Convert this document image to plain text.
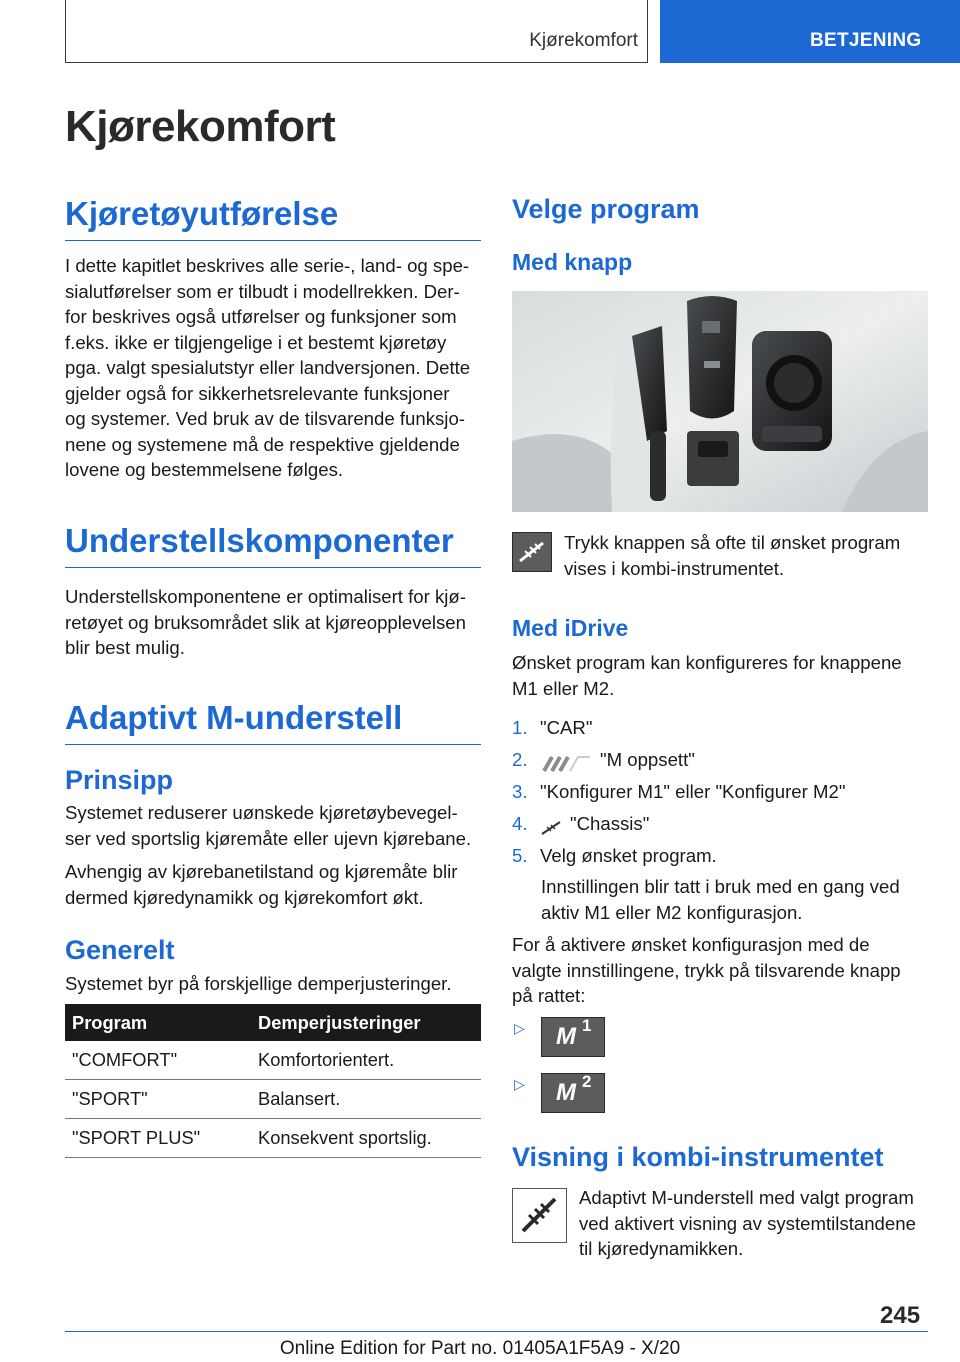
Kjørekomfort	BETJENING
Kjørekomfort
Kjøretøyutførelse

I dette kapitlet beskrives alle serie-, land- og spe-
sialutførelser som er tilbudt i modellrekken. Der-
for beskrives også utførelser og funksjoner som
f.eks. ikke er tilgjengelige i et bestemt kjøretøy
pga. valgt spesialutstyr eller landversjonen. Dette
gjelder også for sikkerhetsrelevante funksjoner
og systemer. Ved bruk av de tilsvarende funksjo-
nene og systemene må de respektive gjeldende
lovene og bestemmelsene følges.

Understellskomponenter

Understellskomponentene er optimalisert for kjø-
retøyet og bruksområdet slik at kjøreopplevelsen
blir best mulig.

Adaptivt M-understell
Prinsipp

Systemet reduserer uønskede kjøretøybevegel-
ser ved sportslig kjøremåte eller ujevn kjørebane.

Avhengig av kjørebanetilstand og kjøremåte blir
dermed kjøredynamikk og kjørekomfort økt.

Generelt

Systemet byr på forskjellige demperjusteringer.

Program	Demperjusteringer
"COMFORT"	Komfortorientert.
"SPORT"	Balansert.
"SPORT PLUS"	Konsekvent sportslig.
Velge program
Med knapp

Trykk knappen så ofte til ønsket program
vises i kombi-instrumentet.

Med iDrive

Ønsket program kan konfigureres for knappene
M1 eller M2.

1. "CAR"
2.	"M oppsett"
3. "Konfigurer M1" eller "Konfigurer M2"
4. "Chassis"
5. Velg ønsket program.

Innstillingen blir tatt i bruk med en gang ved
aktiv M1 eller M2 konfigurasjon.

For å aktivere ønsket konfigurasjon med de
valgte innstillingene, trykk på tilsvarende knapp
på rattet:

▷ M 1
▷ M 2
Visning i kombi-instrumentet

Adaptivt M-understell med valgt program
ved aktivert visning av systemtilstandene
til kjøredynamikken.

245
Online Edition for Part no. 01405A1F5A9 - X/20
